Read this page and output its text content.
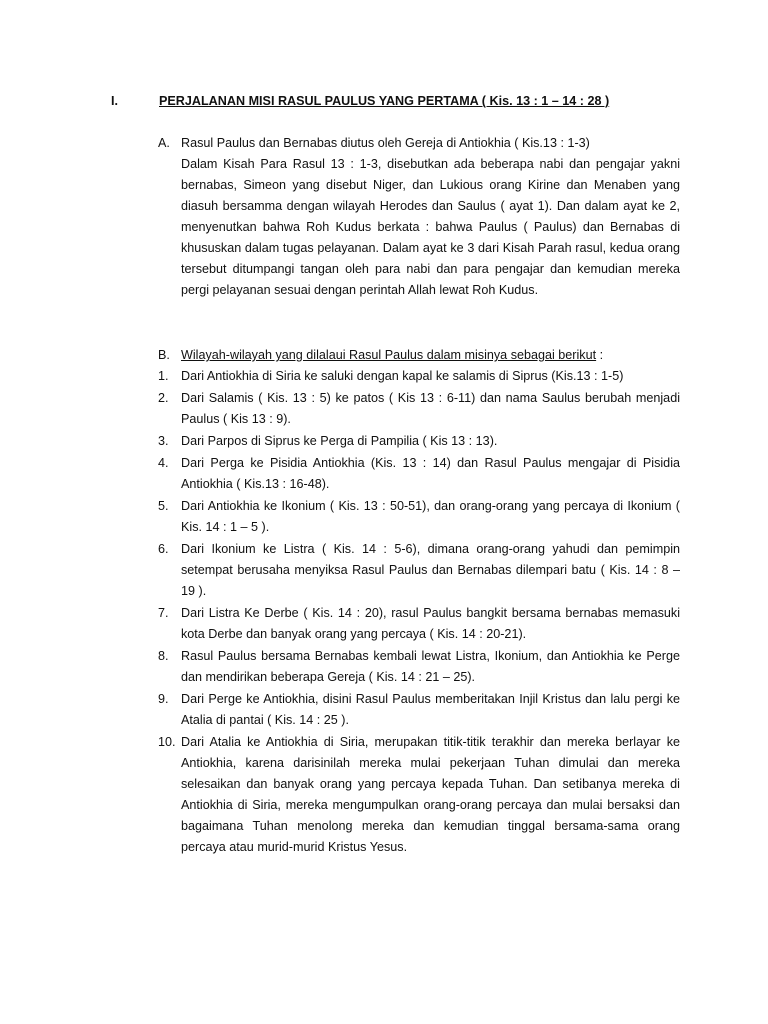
I.	PERJALANAN MISI RASUL PAULUS YANG PERTAMA ( Kis. 13 : 1 – 14 : 28 )
A. Rasul Paulus dan Bernabas diutus oleh Gereja di Antiokhia ( Kis.13 : 1-3)
Dalam Kisah Para Rasul 13 : 1-3, disebutkan ada beberapa nabi dan pengajar yakni bernabas, Simeon yang disebut Niger, dan Lukious orang Kirine dan Menaben yang diasuh bersamma dengan wilayah Herodes dan Saulus ( ayat 1). Dan dalam ayat ke 2, menyenutkan bahwa Roh Kudus berkata : bahwa Paulus ( Paulus) dan Bernabas di khususkan dalam tugas pelayanan. Dalam ayat ke 3 dari Kisah Parah rasul, kedua orang tersebut ditumpangi tangan oleh para nabi dan para pengajar dan kemudian mereka pergi pelayanan sesuai dengan perintah Allah lewat Roh Kudus.
B. Wilayah-wilayah yang dilalaui Rasul Paulus dalam misinya sebagai berikut :
1. Dari Antiokhia di Siria ke saluki dengan kapal ke salamis di Siprus (Kis.13 : 1-5)
2. Dari Salamis ( Kis. 13 : 5) ke patos ( Kis 13 : 6-11) dan nama Saulus berubah menjadi Paulus ( Kis 13 : 9).
3. Dari Parpos di Siprus ke Perga di Pampilia ( Kis 13 : 13).
4. Dari Perga ke Pisidia Antiokhia (Kis. 13 : 14) dan Rasul Paulus mengajar di Pisidia Antiokhia ( Kis.13 : 16-48).
5. Dari Antiokhia ke Ikonium ( Kis. 13 : 50-51), dan orang-orang yang percaya di Ikonium ( Kis. 14 : 1 – 5 ).
6. Dari Ikonium ke Listra ( Kis. 14 : 5-6), dimana orang-orang yahudi dan pemimpin setempat berusaha menyiksa Rasul Paulus dan Bernabas dilempari batu ( Kis. 14 : 8 – 19 ).
7. Dari Listra Ke Derbe ( Kis. 14 : 20), rasul Paulus bangkit bersama bernabas memasuki kota Derbe dan banyak orang yang percaya ( Kis. 14 : 20-21).
8. Rasul Paulus bersama Bernabas kembali lewat Listra, Ikonium, dan Antiokhia ke Perge dan mendirikan beberapa Gereja ( Kis. 14 : 21 – 25).
9. Dari Perge ke Antiokhia, disini Rasul Paulus memberitakan Injil Kristus dan lalu pergi ke Atalia di pantai ( Kis. 14 : 25 ).
10. Dari Atalia ke Antiokhia di Siria, merupakan titik-titik terakhir dan mereka berlayar ke Antiokhia, karena darisinilah mereka mulai pekerjaan Tuhan dimulai dan mereka selesaikan dan banyak orang yang percaya kepada Tuhan. Dan setibanya mereka di Antiokhia di Siria, mereka mengumpulkan orang-orang percaya dan mulai bersaksi dan bagaimana Tuhan menolong mereka dan kemudian tinggal bersama-sama orang percaya atau murid-murid Kristus Yesus.
